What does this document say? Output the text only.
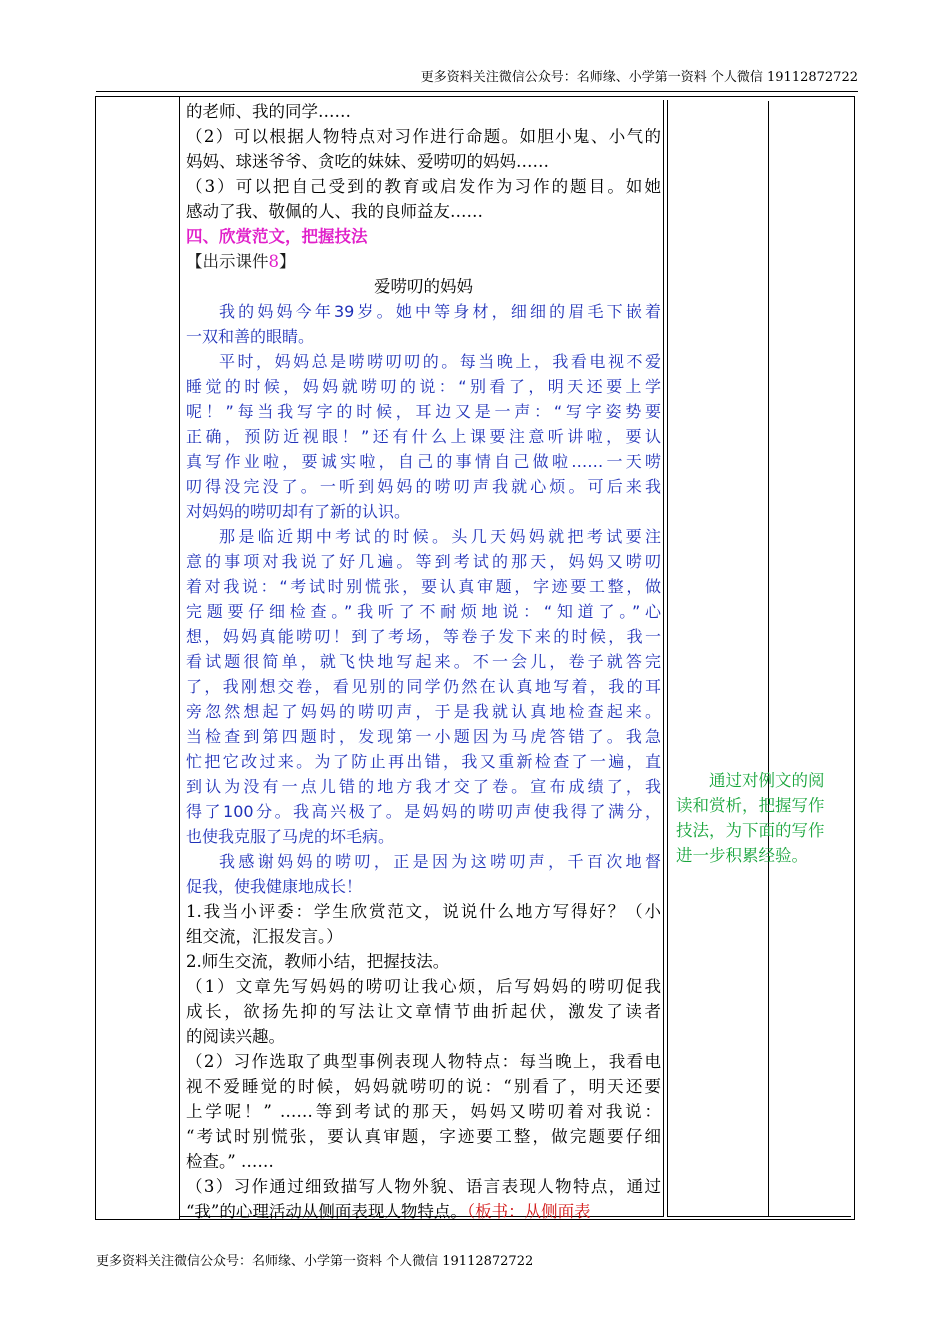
更多资料关注微信公众号：名师缘、小学第一资料 个人微信 19112872722
的老师、我的同学……
（2）可以根据人物特点对习作进行命题。如胆小鬼、小气的
妈妈、球迷爷爷、贪吃的妹妹、爱唠叨的妈妈……
（3）可以把自己受到的教育或启发作为习作的题目。如她
感动了我、敬佩的人、我的良师益友……
四、欣赏范文，把握技法
【出示课件8】
爱唠叨的妈妈
我的妈妈今年39岁。她中等身材，细细的眉毛下嵌着
一双和善的眼睛。
平时，妈妈总是唠唠叨叨的。每当晚上，我看电视不爱
睡觉的时候，妈妈就唠叨的说：“别看了，明天还要上学
呢！”每当我写字的时候，耳边又是一声：“写字姿势要
正确，预防近视眼！”还有什么上课要注意听讲啦，要认
真写作业啦，要诚实啦，自己的事情自己做啦……一天唠
叨得没完没了。一听到妈妈的唠叨声我就心烦。可后来我
对妈妈的唠叨却有了新的认识。
那是临近期中考试的时候。头几天妈妈就把考试要注
意的事项对我说了好几遍。等到考试的那天，妈妈又唠叨
着对我说：“考试时别慌张，要认真审题，字迹要工整，做
完题要仔细检查。”我听了不耐烦地说：“知道了。”心
想，妈妈真能唠叨！到了考场，等卷子发下来的时候，我一
看试题很简单，就飞快地写起来。不一会儿，卷子就答完
了，我刚想交卷，看见别的同学仍然在认真地写着，我的耳
旁忽然想起了妈妈的唠叨声，于是我就认真地检查起来。
当检查到第四题时，发现第一小题因为马虎答错了。我急
忙把它改过来。为了防止再出错，我又重新检查了一遍，直
到认为没有一点儿错的地方我才交了卷。宣布成绩了，我
得了100分。我高兴极了。是妈妈的唠叨声使我得了满分，
也使我克服了马虎的坏毛病。
我感谢妈妈的唠叨，正是因为这唠叨声，千百次地督
促我，使我健康地成长！
1.我当小评委：学生欣赏范文，说说什么地方写得好？（小
组交流，汇报发言。）
2.师生交流，教师小结，把握技法。
（1）文章先写妈妈的唠叨让我心烦，后写妈妈的唠叨促我
成长，欲扬先抑的写法让文章情节曲折起伏，激发了读者
的阅读兴趣。
（2）习作选取了典型事例表现人物特点：每当晚上，我看电
视不爱睡觉的时候，妈妈就唠叨的说：“别看了，明天还要
上学呢！” ……等到考试的那天，妈妈又唠叨着对我说：
“考试时别慌张，要认真审题，字迹要工整，做完题要仔细
检查。” ……
（3）习作通过细致描写人物外貌、语言表现人物特点，通过
“我”的心理活动从侧面表现人物特点。（板书：从侧面表
通过对例文的阅
读和赏析，把握写作
技法，为下面的写作
进一步积累经验。
更多资料关注微信公众号：名师缘、小学第一资料 个人微信 19112872722
